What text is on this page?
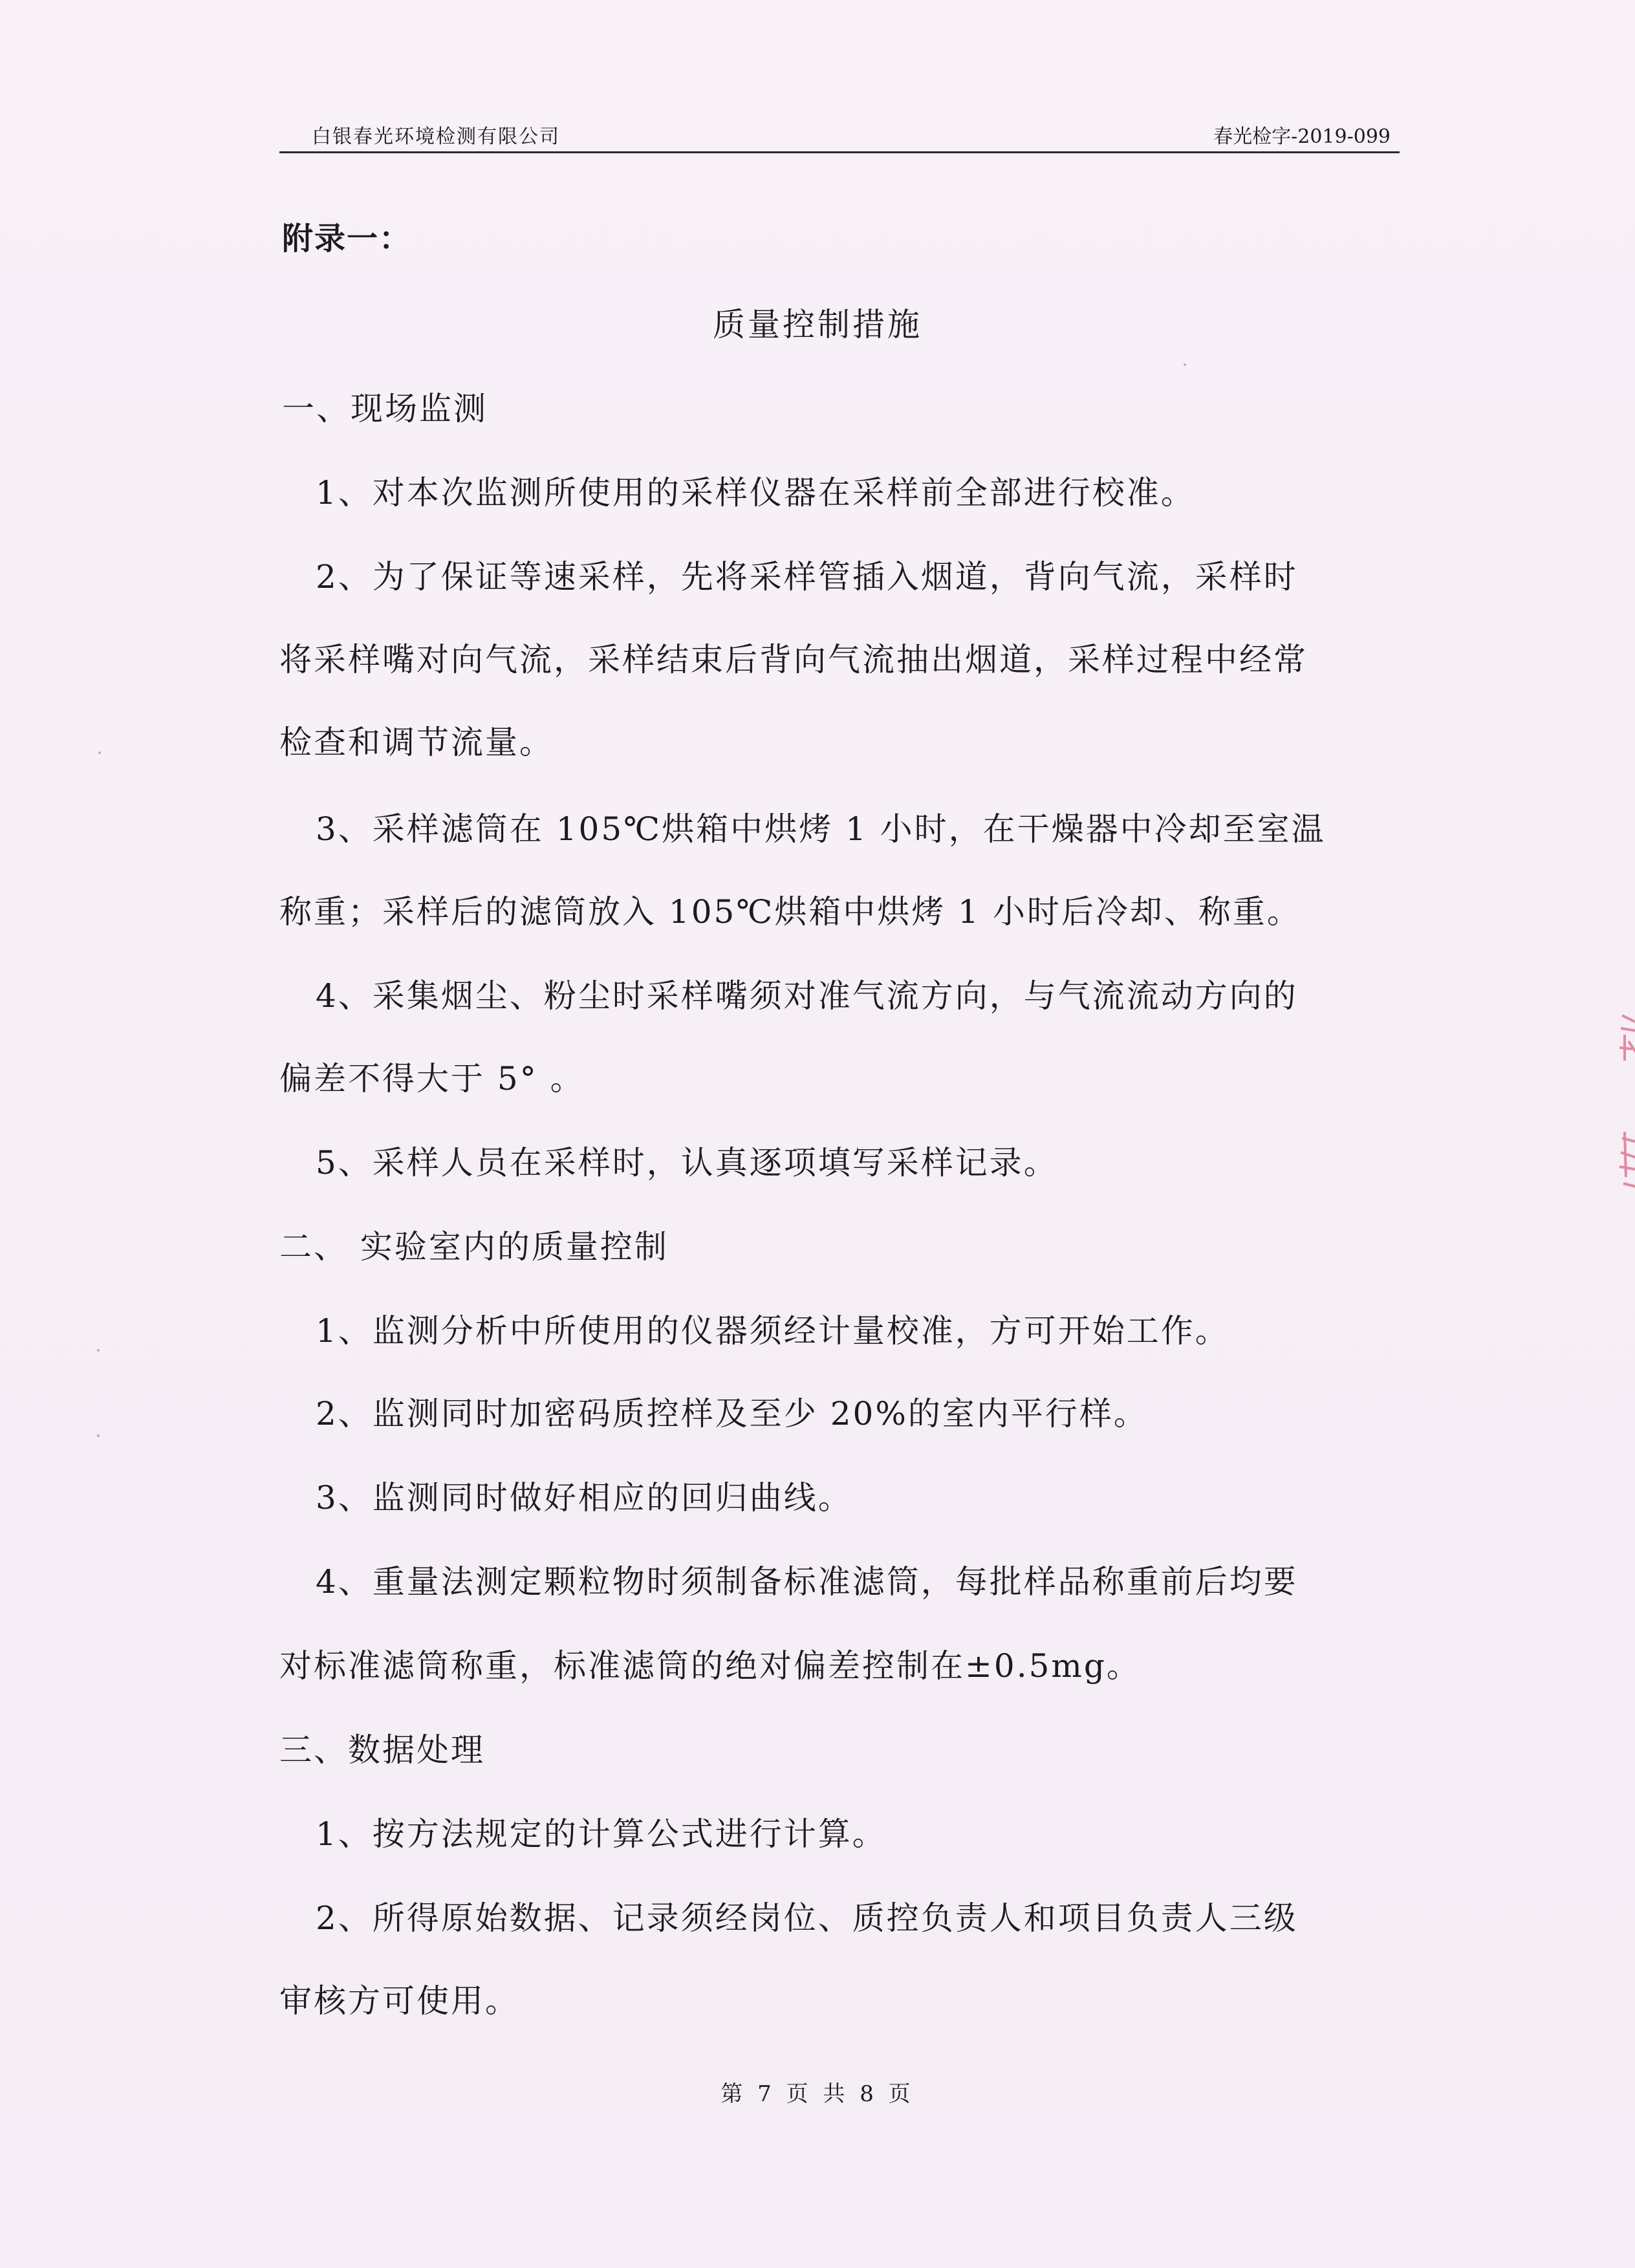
白银春光环境检测有限公司	春光检字-2019-099
附录一：
质量控制措施
一、现场监测
1、对本次监测所使用的采样仪器在采样前全部进行校准。
2、为了保证等速采样，先将采样管插入烟道，背向气流，采样时
将采样嘴对向气流，采样结束后背向气流抽出烟道，采样过程中经常
检查和调节流量。
3、采样滤筒在 105℃烘箱中烘烤 1 小时，在干燥器中冷却至室温
称重；采样后的滤筒放入 105℃烘箱中烘烤 1 小时后冷却、称重。
4、采集烟尘、粉尘时采样嘴须对准气流方向，与气流流动方向的
偏差不得大于 5° 。
5、采样人员在采样时，认真逐项填写采样记录。
二、 实验室内的质量控制
1、监测分析中所使用的仪器须经计量校准，方可开始工作。
2、监测同时加密码质控样及至少 20%的室内平行样。
3、监测同时做好相应的回归曲线。
4、重量法测定颗粒物时须制备标准滤筒，每批样品称重前后均要
对标准滤筒称重，标准滤筒的绝对偏差控制在±0.5mg。
三、数据处理
1、按方法规定的计算公式进行计算。
2、所得原始数据、记录须经岗位、质控负责人和项目负责人三级
审核方可使用。
第 7 页 共 8 页
